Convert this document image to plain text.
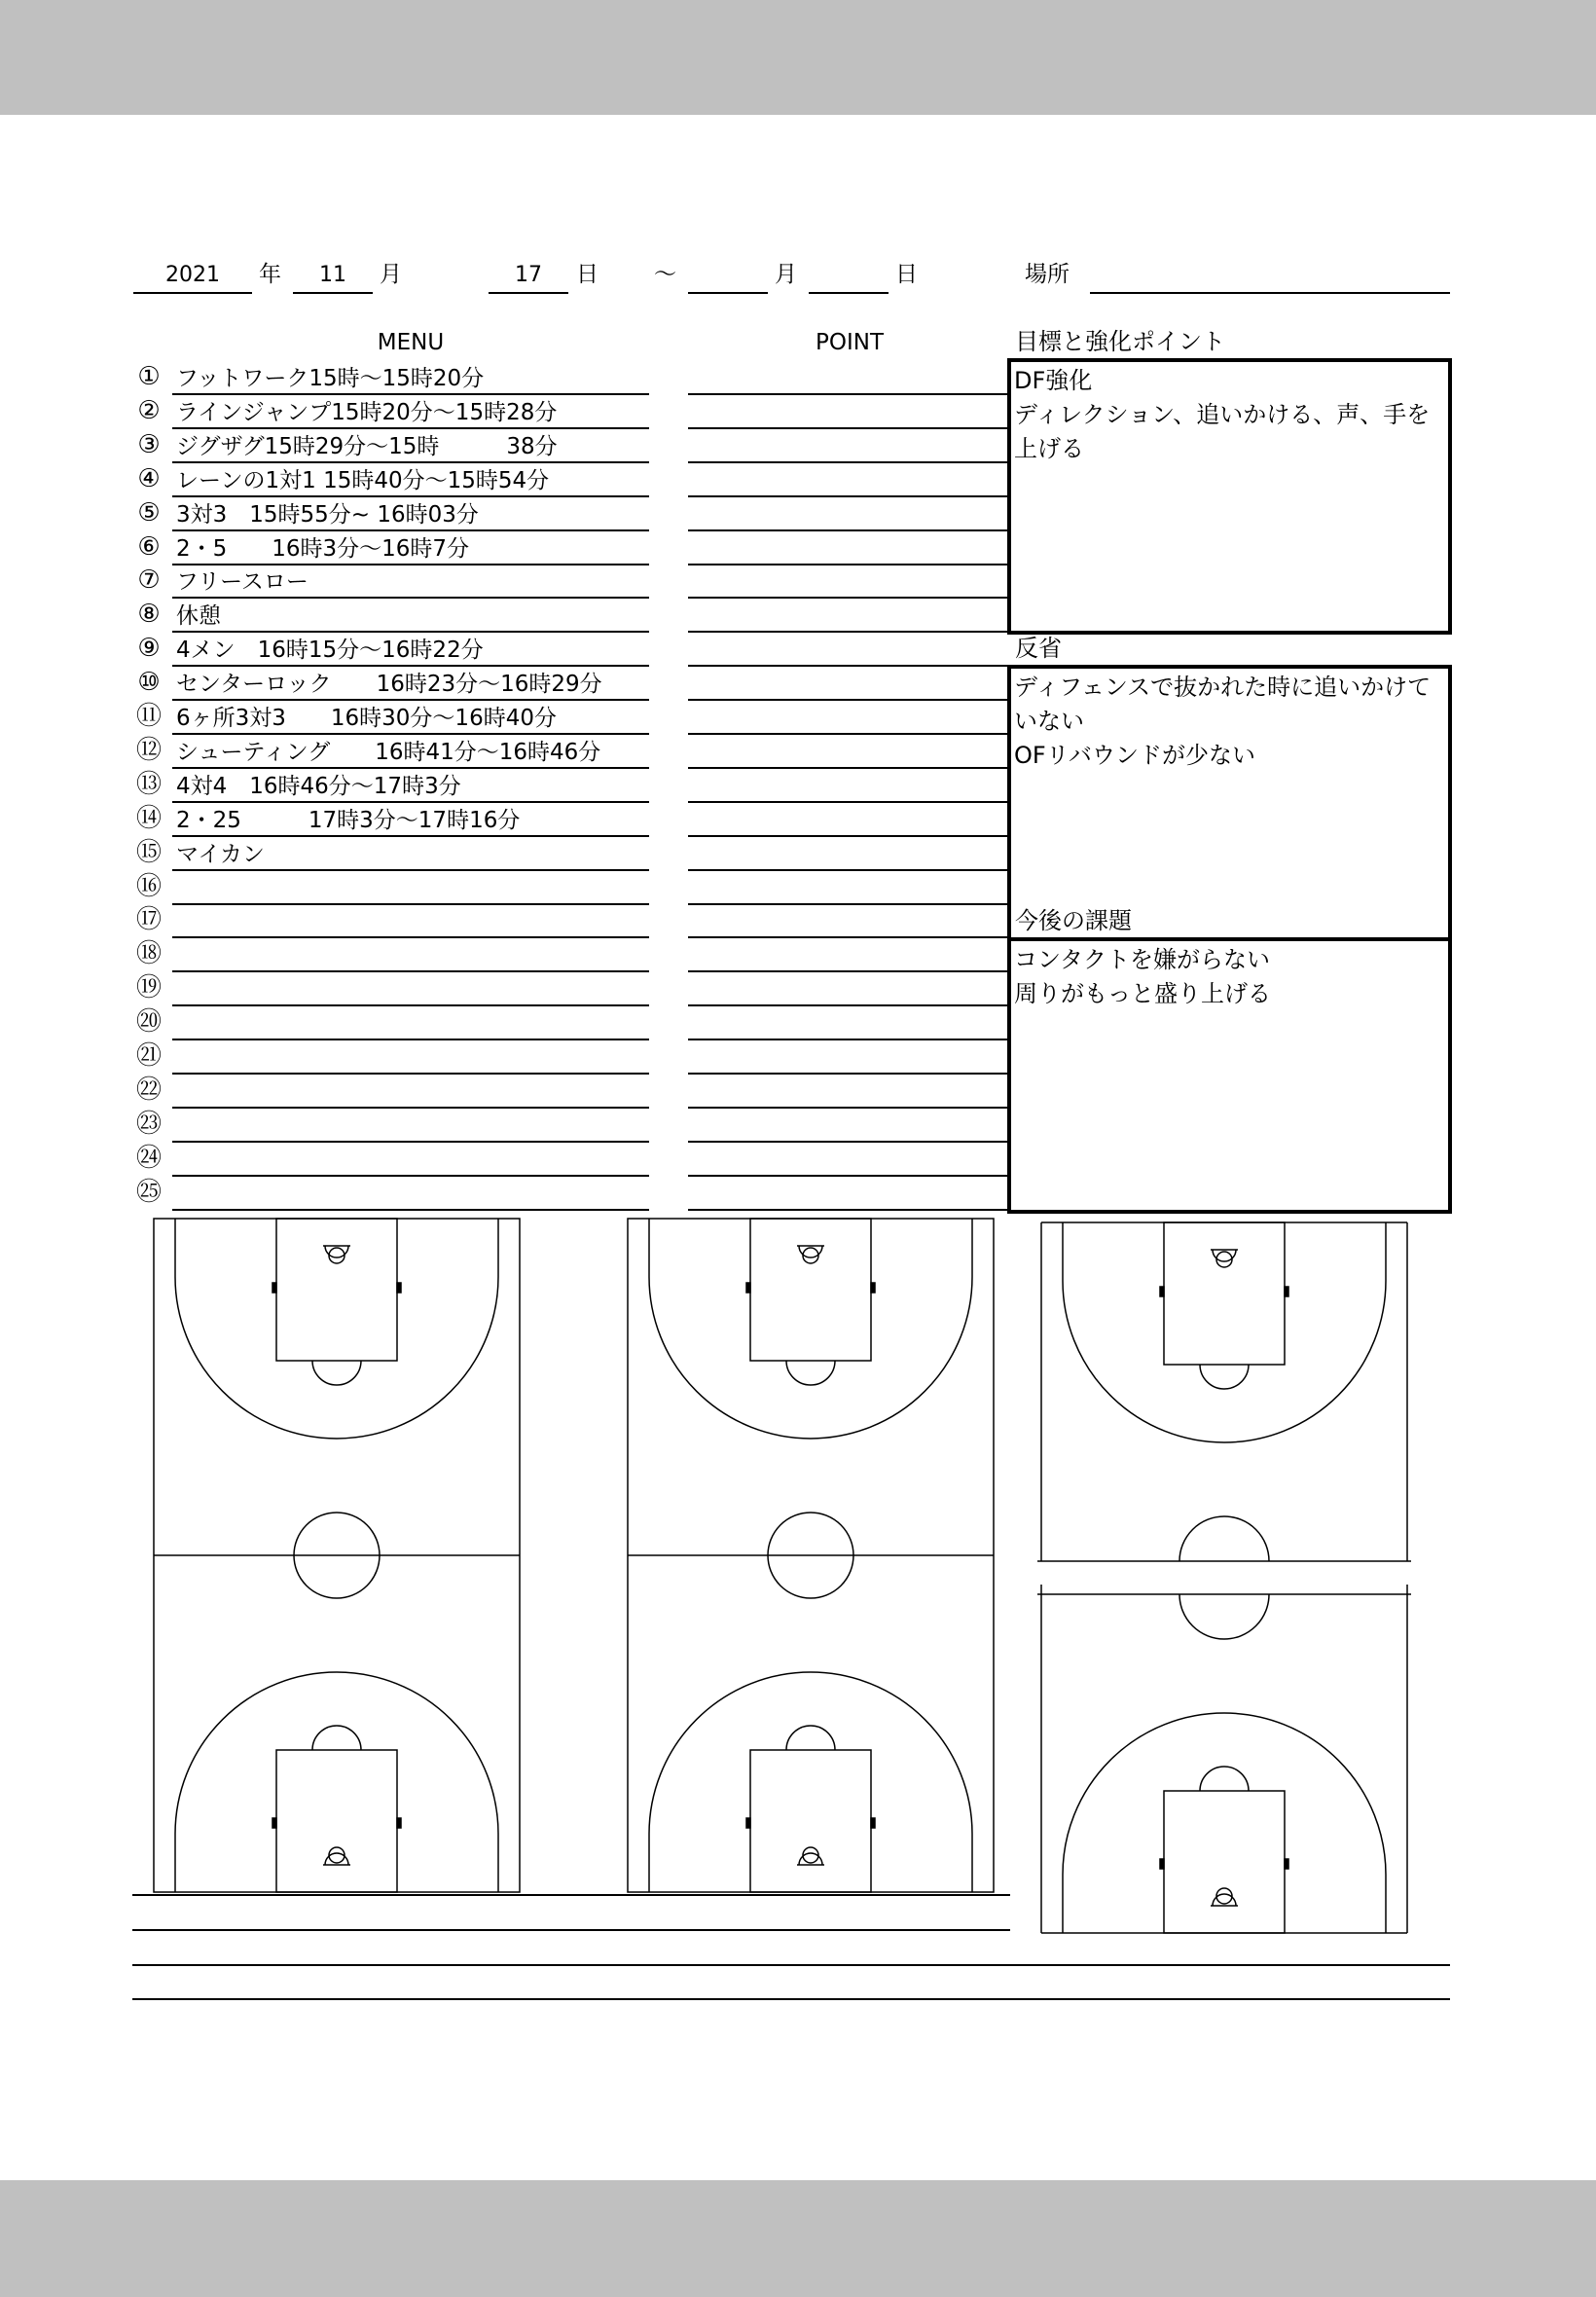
2021	年	11	月	17	日 〜	月	日	場所
MENU	POINT
① フットワーク15時〜15時20分
② ラインジャンプ15時20分〜15時28分
③ ジグザグ15時29分〜15時　　　38分
④ レーンの1対1 15時40分〜15時54分
⑤ 3対3　15時55分~ 16時03分
⑥ 2・5　　16時3分〜16時7分
⑦ フリースロー
⑧ 休憩
⑨ 4メン　16時15分〜16時22分
⑩ センターロック　　16時23分〜16時29分
⑪ 6ヶ所3対3　　16時30分〜16時40分
⑫ シューティング　　16時41分〜16時46分
⑬ 4対4　16時46分〜17時3分
⑭ 2・25　　　17時3分〜17時16分
⑮ マイカン
⑯
⑰
⑱
⑲
⑳
㉑
㉒
㉓
㉔
㉕
目標と強化ポイント
DF強化
ディレクション、追いかける、声、手を上げる
反省
ディフェンスで抜かれた時に追いかけていない
OFリバウンドが少ない
今後の課題
コンタクトを嫌がらない
周りがもっと盛り上げる
